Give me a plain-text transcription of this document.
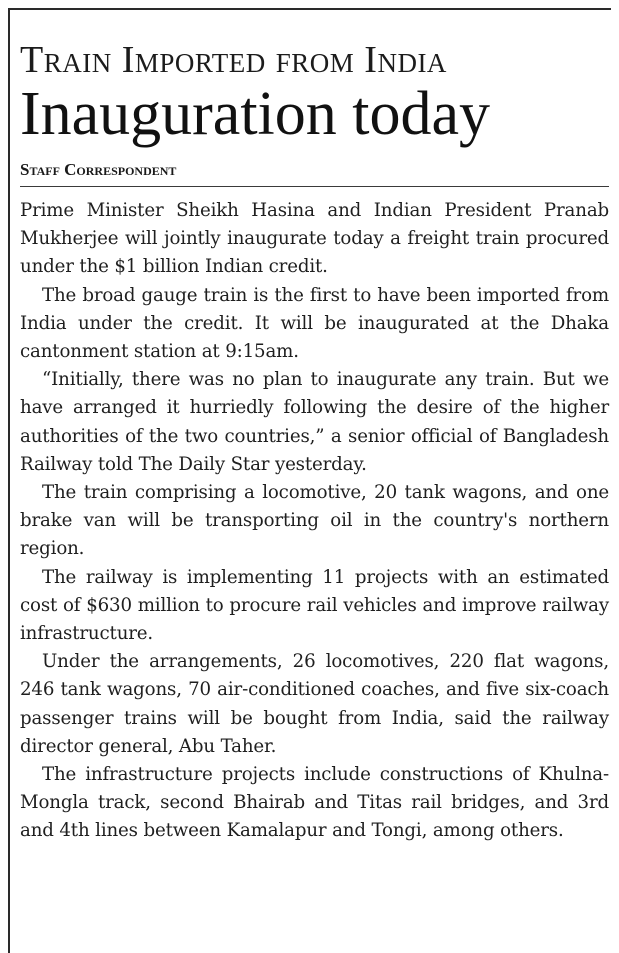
Train Imported from India
Inauguration today
Staff Correspondent

Prime Minister Sheikh Hasina and Indian President Pranab Mukherjee will jointly inaugurate today a freight train procured under the $1 billion Indian credit.

The broad gauge train is the first to have been imported from India under the credit. It will be inaugurated at the Dhaka cantonment station at 9:15am.

“Initially, there was no plan to inaugurate any train. But we have arranged it hurriedly following the desire of the higher authorities of the two countries,” a senior official of Bangladesh Railway told The Daily Star yesterday.

The train comprising a locomotive, 20 tank wagons, and one brake van will be transporting oil in the country's northern region.

The railway is implementing 11 projects with an estimated cost of $630 million to procure rail vehicles and improve railway infrastructure.

Under the arrangements, 26 locomotives, 220 flat wagons, 246 tank wagons, 70 air-conditioned coaches, and five six-coach passenger trains will be bought from India, said the railway director general, Abu Taher.

The infrastructure projects include constructions of Khulna-Mongla track, second Bhairab and Titas rail bridges, and 3rd and 4th lines between Kamalapur and Tongi, among others.
